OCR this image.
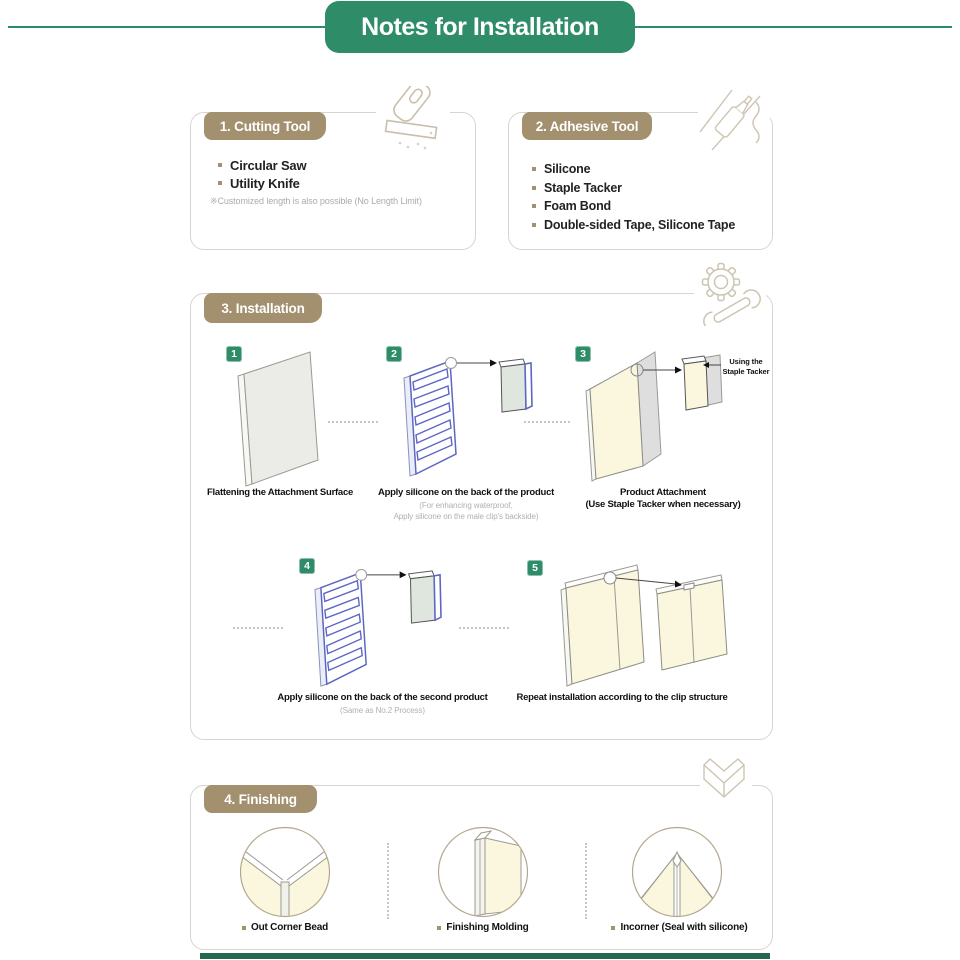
Notes for Installation
1. Cutting Tool
Circular Saw
Utility Knife
※Customized length is also possible (No Length Limit)
2. Adhesive Tool
Silicone
Staple Tacker
Foam Bond
Double-sided Tape, Silicone Tape
3. Installation
1	2	3
4	5
Using the Staple Tacker
Flattening the Attachment Surface	Apply silicone on the back of the product
(For enhancing waterproof,
Apply silicone on the male clip's backside)
Product Attachment
(Use Staple Tacker when necessary)
Apply silicone on the back of the second product
(Same as No.2 Process)
Repeat installation according to the clip structure
4. Finishing
Out Corner Bead	Finishing Molding	Incorner (Seal with silicone)
